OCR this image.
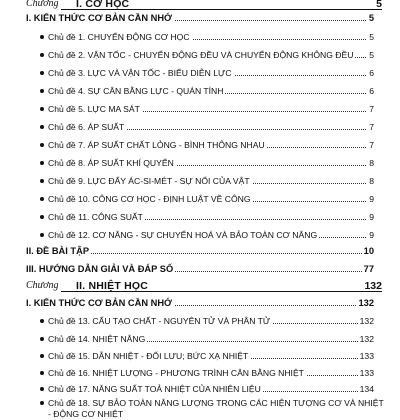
Chương I. CƠ HỌC	5
I. KIẾN THỨC CƠ BẢN CẦN NHỚ	5
Chủ đề 1. CHUYỂN ĐỘNG CƠ HỌC	5
Chủ đề 2. VẬN TỐC - CHUYỂN ĐỘNG ĐỀU VÀ CHUYỂN ĐỘNG KHÔNG ĐỀU 5
Chủ đề 3. LỰC VÀ VẬN TỐC - BIỂU DIỄN LỰC	6
Chủ đề 4. SỰ CÂN BẰNG LỰC - QUÁN TÍNH	6
Chủ đề 5. LỰC MA SÁT	7
Chủ đề 6. ÁP SUẤT	7
Chủ đề 7. ÁP SUẤT CHẤT LỎNG - BÌNH THÔNG NHAU	7
Chủ đề 8. ÁP SUẤT KHÍ QUYỂN	8
Chủ đề 9. LỰC ĐẨY ÁC-SI-MÉT - SỰ NỔI CỦA VẬT	8
Chủ đề 10. CÔNG CƠ HỌC - ĐỊNH LUẬT VỀ CÔNG	9
Chủ đề 11. CÔNG SUẤT	9
Chủ đề 12. CƠ NĂNG - SỰ CHUYỂN HOÁ VÀ BẢO TOÀN CƠ NĂNG	9
II. ĐỀ BÀI TẬP	10
III. HƯỚNG DẪN GIẢI VÀ ĐÁP SỐ	77
Chương II. NHIỆT HỌC	132
I. KIẾN THỨC CƠ BẢN CẦN NHỚ	132
Chủ đề 13. CẤU TẠO CHẤT - NGUYÊN TỬ VÀ PHÂN TỬ	132
Chủ đề 14. NHIỆT NĂNG	132
Chủ đề 15. DẪN NHIỆT - ĐỐI LƯU; BỨC XẠ NHIỆT	133
Chủ đề 16. NHIỆT LƯỢNG - PHƯƠNG TRÌNH CÂN BẰNG NHIỆT	133
Chủ đề 17. NĂNG SUẤT TOẢ NHIỆT CỦA NHIÊN LIỆU	134
Chủ đề 18. SỰ BẢO TOÀN NĂNG LƯỢNG TRONG CÁC HIỆN TƯỢNG CƠ VÀ NHIỆT
- ĐỘNG CƠ NHIỆT
